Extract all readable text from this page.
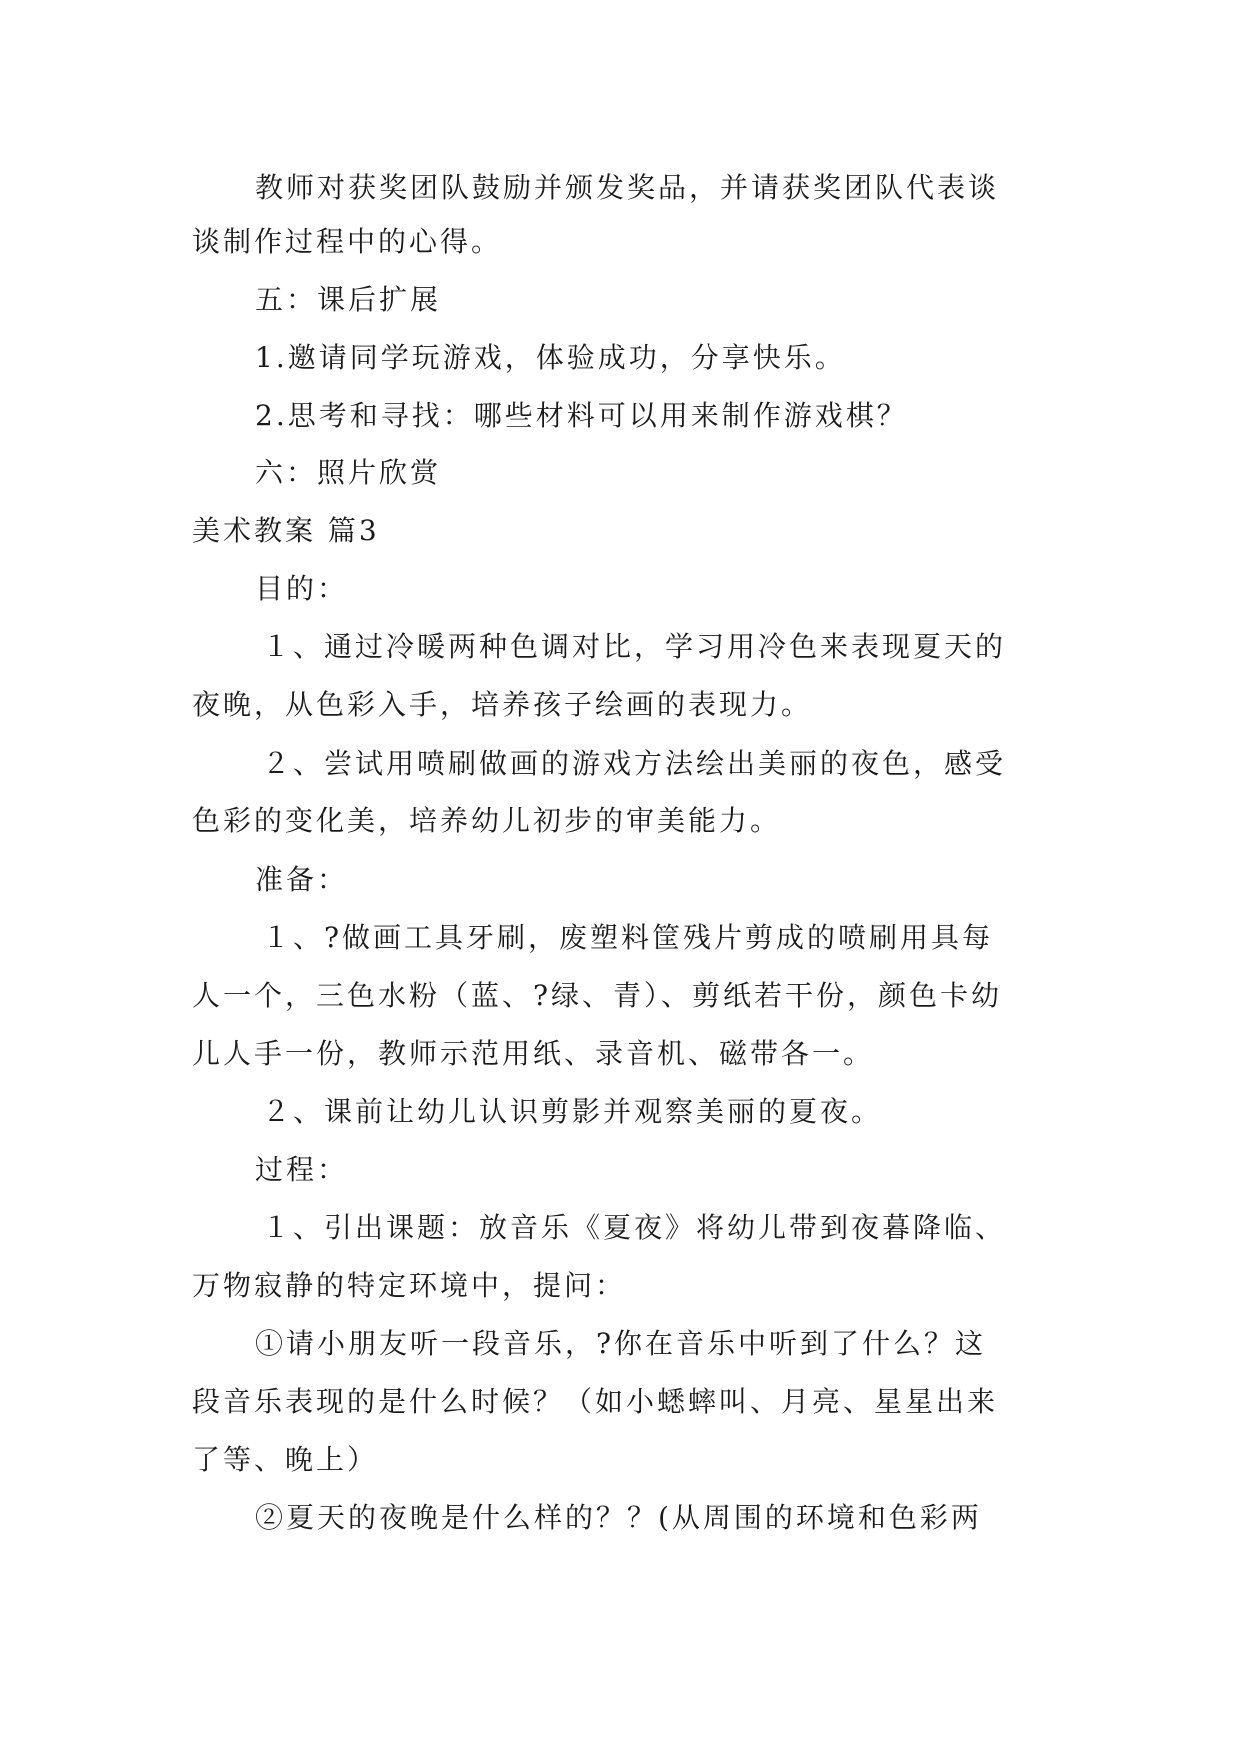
教师对获奖团队鼓励并颁发奖品，并请获奖团队代表谈
谈制作过程中的心得。
五：课后扩展
1.邀请同学玩游戏，体验成功，分享快乐。
2.思考和寻找：哪些材料可以用来制作游戏棋？
六：照片欣赏
美术教案 篇3
目的：
１、通过冷暖两种色调对比，学习用冷色来表现夏天的
夜晚，从色彩入手，培养孩子绘画的表现力。
２、尝试用喷刷做画的游戏方法绘出美丽的夜色，感受
色彩的变化美，培养幼儿初步的审美能力。
准备：
１、?做画工具牙刷，废塑料筐残片剪成的喷刷用具每
人一个，三色水粉（蓝、?绿、青）、剪纸若干份，颜色卡幼
儿人手一份，教师示范用纸、录音机、磁带各一。
２、课前让幼儿认识剪影并观察美丽的夏夜。
过程：
１、引出课题：放音乐《夏夜》将幼儿带到夜暮降临、
万物寂静的特定环境中，提问：
①请小朋友听一段音乐，?你在音乐中听到了什么？这
段音乐表现的是什么时候？（如小蟋蟀叫、月亮、星星出来
了等、晚上）
②夏天的夜晚是什么样的？？(从周围的环境和色彩两
